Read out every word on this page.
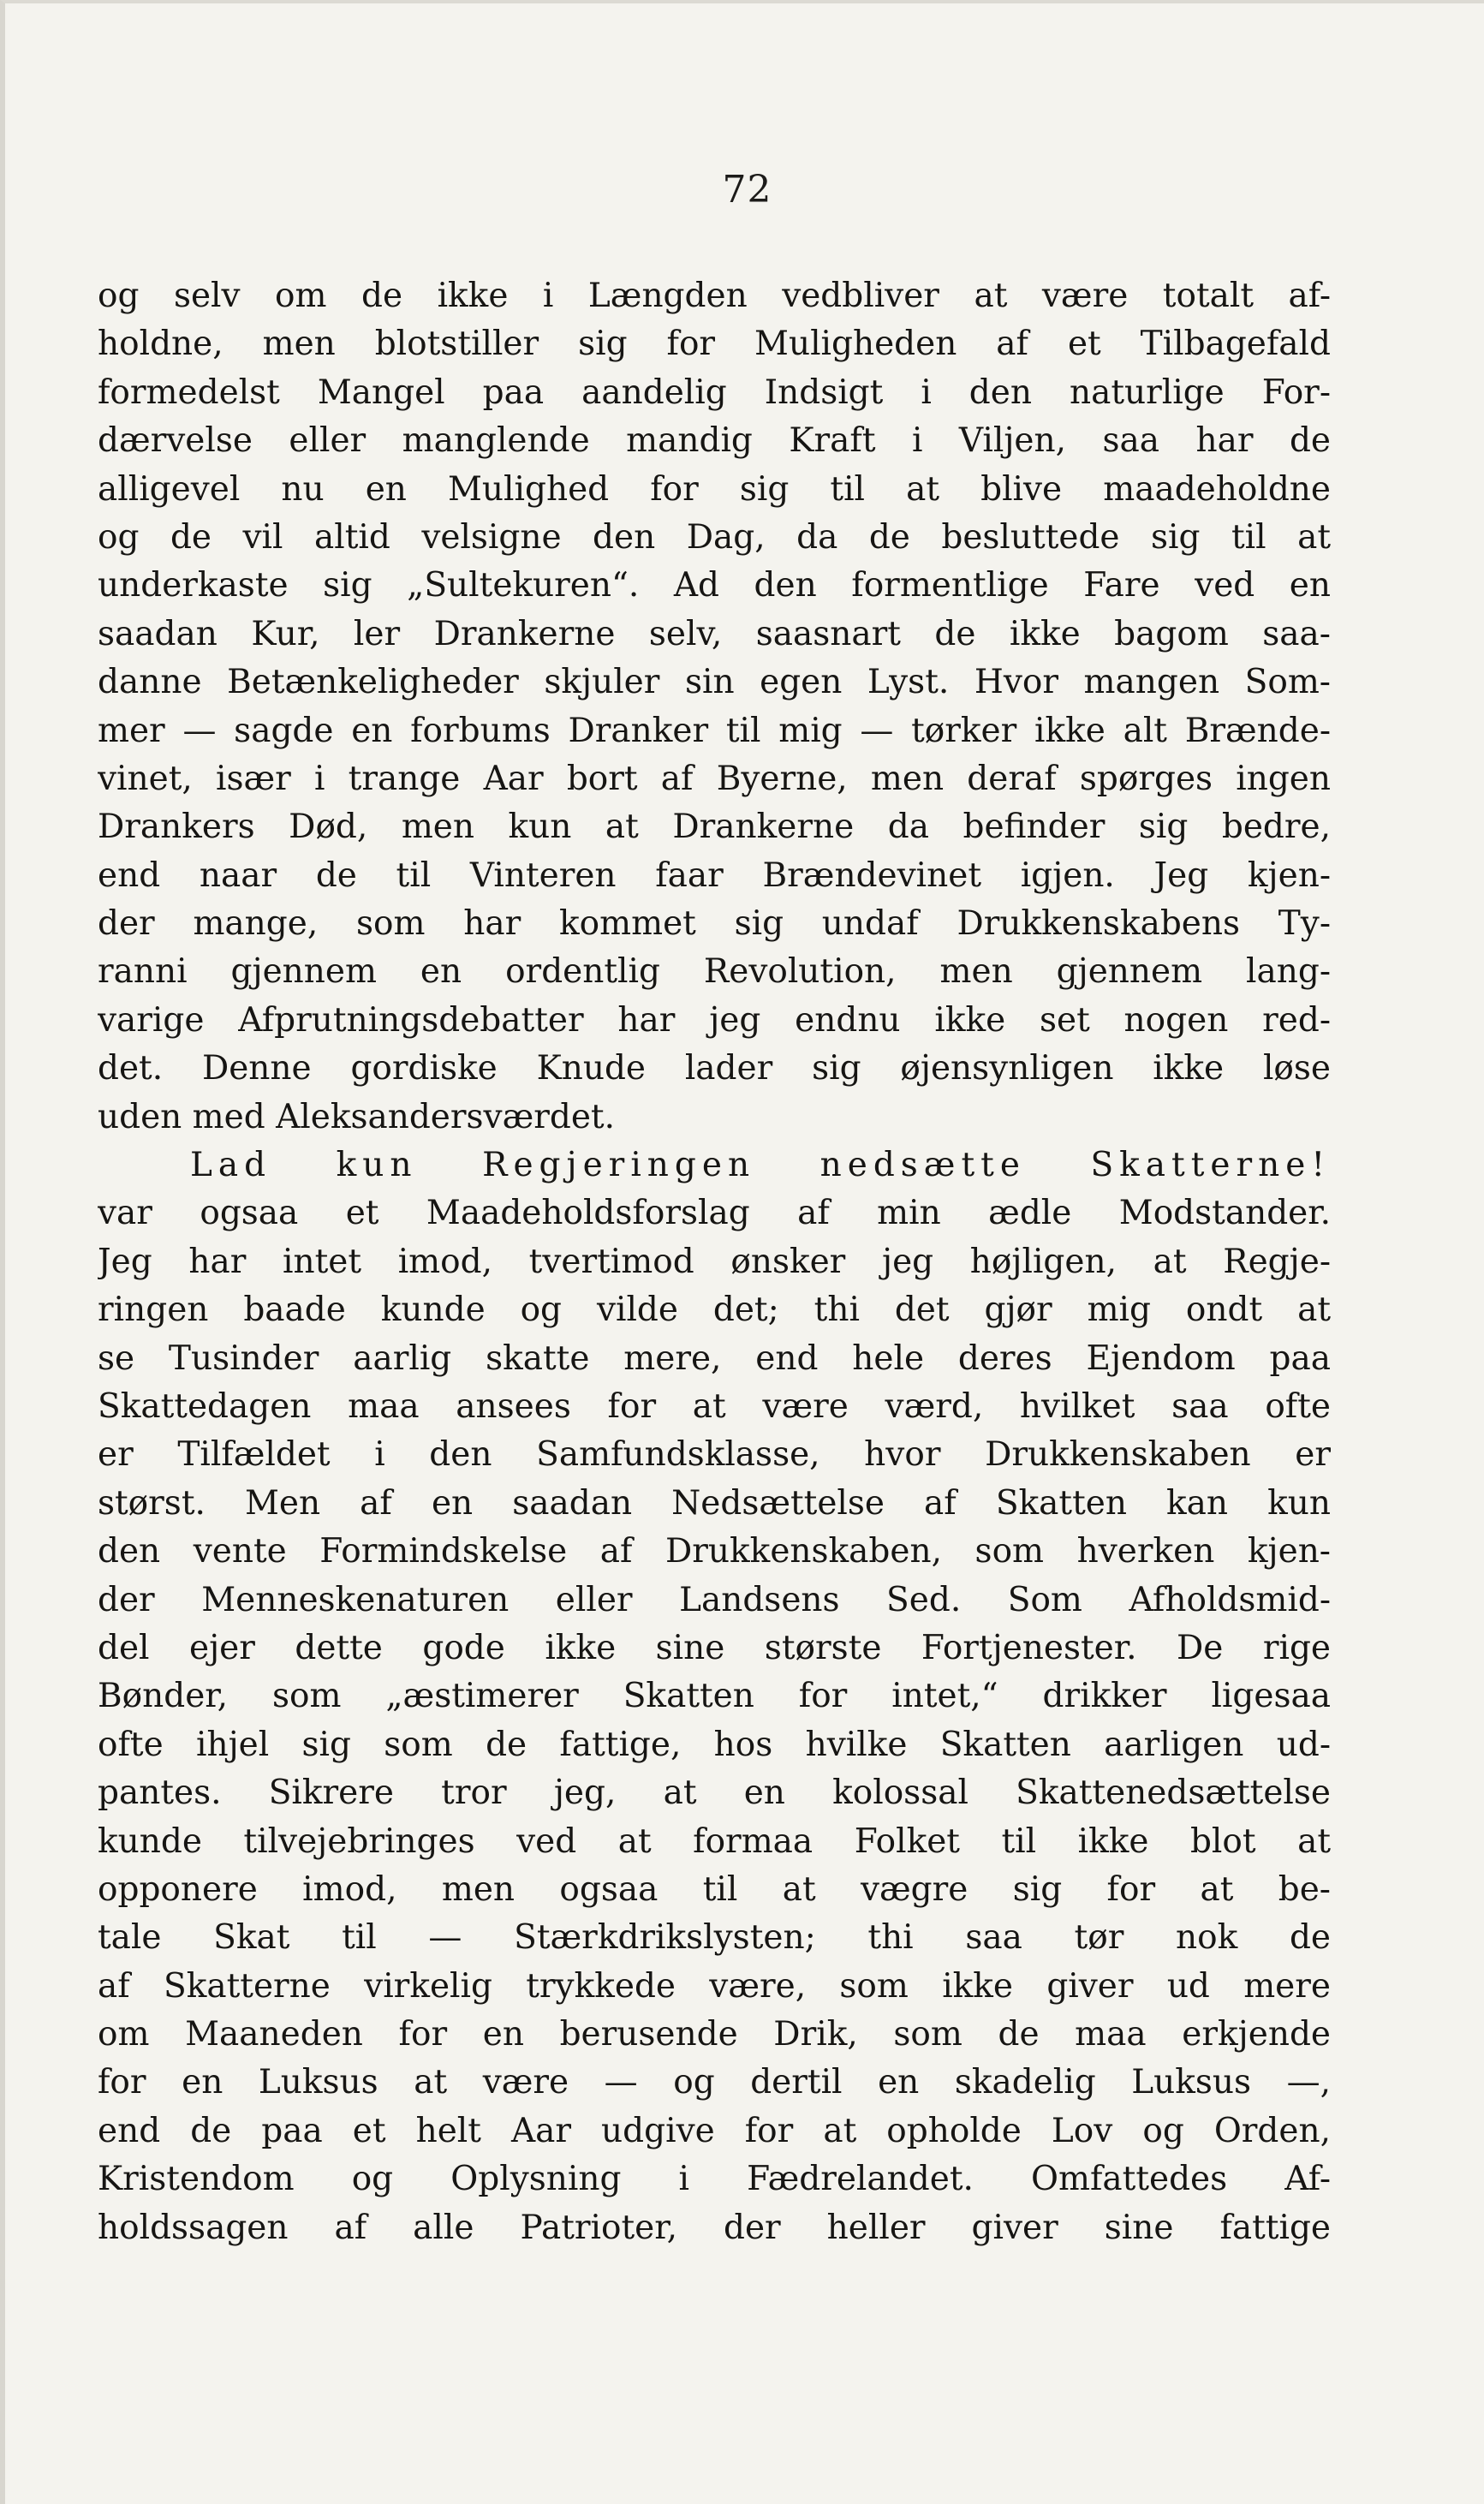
72
og selv om de ikke i Længden vedbliver at være totalt af-
holdne, men blotstiller sig for Muligheden af et Tilbagefald
formedelst Mangel paa aandelig Indsigt i den naturlige For-
dærvelse eller manglende mandig Kraft i Viljen, saa har de
alligevel nu en Mulighed for sig til at blive maadeholdne
og de vil altid velsigne den Dag, da de besluttede sig til at
underkaste sig „Sultekuren“. Ad den formentlige Fare ved en
saadan Kur, ler Drankerne selv, saasnart de ikke bagom saa-
danne Betænkeligheder skjuler sin egen Lyst. Hvor mangen Som-
mer — sagde en forbums Dranker til mig — tørker ikke alt Brænde-
vinet, især i trange Aar bort af Byerne, men deraf spørges ingen
Drankers Død, men kun at Drankerne da befinder sig bedre,
end naar de til Vinteren faar Brændevinet igjen. Jeg kjen-
der mange, som har kommet sig undaf Drukkenskabens Ty-
ranni gjennem en ordentlig Revolution, men gjennem lang-
varige Afprutningsdebatter har jeg endnu ikke set nogen red-
det. Denne gordiske Knude lader sig øjensynligen ikke løse
uden med Aleksandersværdet.
Lad kun Regjeringen nedsætte Skatterne!
var ogsaa et Maadeholdsforslag af min ædle Modstander.
Jeg har intet imod, tvertimod ønsker jeg højligen, at Regje-
ringen baade kunde og vilde det; thi det gjør mig ondt at
se Tusinder aarlig skatte mere, end hele deres Ejendom paa
Skattedagen maa ansees for at være værd, hvilket saa ofte
er Tilfældet i den Samfundsklasse, hvor Drukkenskaben er
størst. Men af en saadan Nedsættelse af Skatten kan kun
den vente Formindskelse af Drukkenskaben, som hverken kjen-
der Menneskenaturen eller Landsens Sed. Som Afholdsmid-
del ejer dette gode ikke sine største Fortjenester. De rige
Bønder, som „æstimerer Skatten for intet,“ drikker ligesaa
ofte ihjel sig som de fattige, hos hvilke Skatten aarligen ud-
pantes. Sikrere tror jeg, at en kolossal Skattenedsættelse
kunde tilvejebringes ved at formaa Folket til ikke blot at
opponere imod, men ogsaa til at vægre sig for at be-
tale Skat til — Stærkdrikslysten; thi saa tør nok de
af Skatterne virkelig trykkede være, som ikke giver ud mere
om Maaneden for en berusende Drik, som de maa erkjende
for en Luksus at være — og dertil en skadelig Luksus —,
end de paa et helt Aar udgive for at opholde Lov og Orden,
Kristendom og Oplysning i Fædrelandet. Omfattedes Af-
holdssagen af alle Patrioter, der heller giver sine fattige
